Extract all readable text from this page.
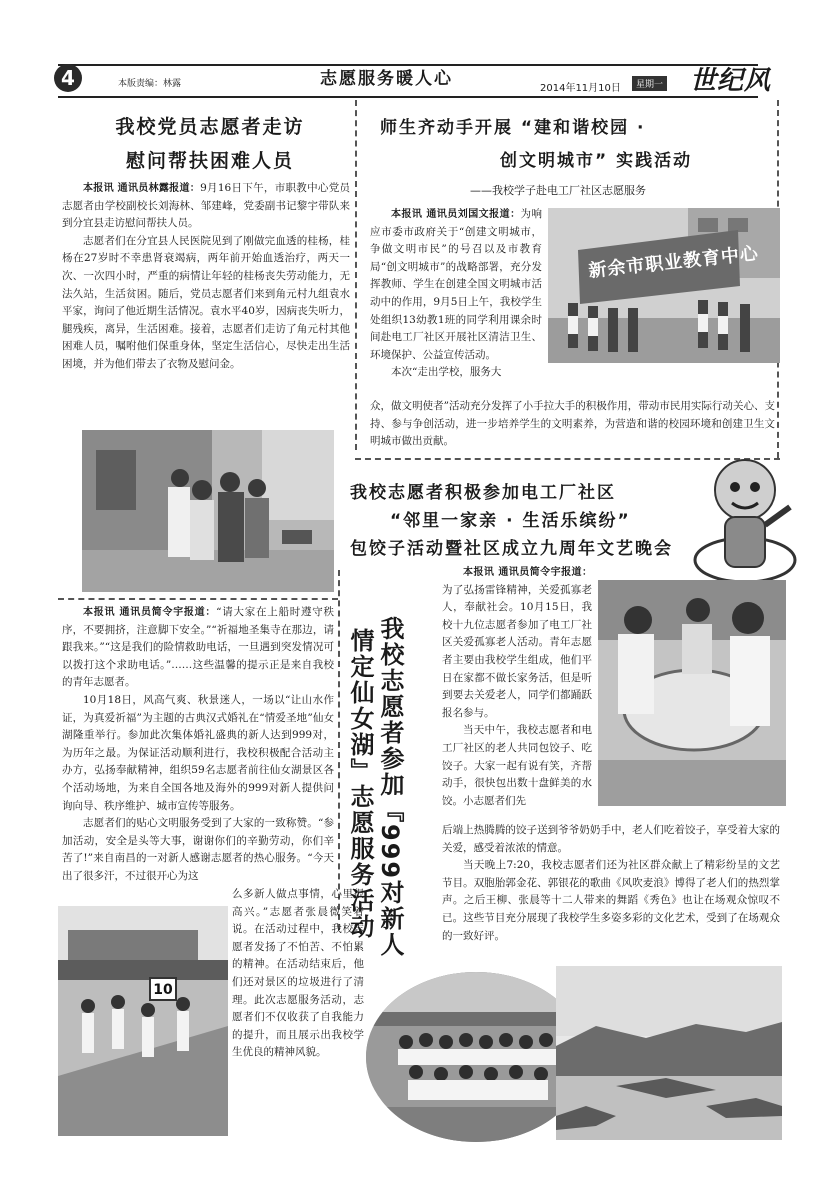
4	本版责编：林露	志愿服务暖人心	2014年11月10日	星期一 世纪风
我校党员志愿者走访
慰问帮扶困难人员

本报讯 通讯员林露报道：9月16日下午，市职教中心党员志愿者由学校副校长刘海林、邹建峰，党委副书记黎宇带队来到分宜县走访慰问帮扶人员。

志愿者们在分宜县人民医院见到了刚做完血透的桂杨，桂杨在27岁时不幸患肾衰竭病，两年前开始血透治疗，两天一次、一次四小时，严重的病情让年轻的桂杨丧失劳动能力，无法久站，生活贫困。随后，党员志愿者们来到角元村九组袁水平家，询问了他近期生活情况。袁水平40岁，因病丧失听力，腿残疾，离异，生活困难。接着，志愿者们走访了角元村其他困难人员，嘱咐他们保重身体，坚定生活信心，尽快走出生活困境，并为他们带去了衣物及慰问金。

师生齐动手开展 “建和谐校园 ·
创文明城市” 实践活动
——我校学子赴电工厂社区志愿服务

本报讯 通讯员刘国文报道：为响应市委市政府关于“创建文明城市，争做文明市民”的号召以及市教育局“创文明城市”的战略部署，充分发挥教师、学生在创建全国文明城市活动中的作用，9月5日上午，我校学生处组织13幼教1班的同学利用课余时间赴电工厂社区开展社区清洁卫生、环境保护、公益宣传活动。

本次“走出学校，服务大

众，做文明使者”活动充分发挥了小手拉大手的积极作用，带动市民用实际行动关心、支持、参与争创活动，进一步培养学生的文明素养，为营造和谐的校园环境和创建卫生文明城市做出贡献。

新余市职业教育中心
我校志愿者积极参加电工厂社区
“邻里一家亲 · 生活乐缤纷”
包饺子活动暨社区成立九周年文艺晚会

本报讯 通讯员简令宇报道：为了弘扬雷锋精神，关爱孤寡老人，奉献社会。10月15日，我校十九位志愿者参加了电工厂社区关爱孤寡老人活动。青年志愿者主要由我校学生组成，他们平日在家都不做长家务活，但是听到要去关爱老人，同学们都踊跃报名参与。

当天中午，我校志愿者和电工厂社区的老人共同包饺子、吃饺子。大家一起有说有笑，齐帮动手，很快包出数十盘鲜美的水饺。小志愿者们先

后端上热腾腾的饺子送到爷爷奶奶手中，老人们吃着饺子，享受着大家的关爱，感受着浓浓的情意。

当天晚上7:20，我校志愿者们还为社区群众献上了精彩纷呈的文艺节目。双胞胎郭金花、郭银花的歌曲《风吹麦浪》博得了老人们的热烈掌声。之后王柳、张晨等十二人带来的舞蹈《秀色》也让在场观众惊叹不已。这些节目充分展现了我校学生多姿多彩的文化艺术，受到了在场观众的一致好评。

我校志愿者参加『999对新人
情定仙女湖』志愿服务活动

本报讯 通讯员简令宇报道：“请大家在上船时遵守秩序，不要拥挤，注意脚下安全。”“祈福地圣集寺在那边，请跟我来。”“这是我们的险情救助电话，一旦遇到突发情况可以拨打这个求助电话。”……这些温馨的提示正是来自我校的青年志愿者。

10月18日，风高气爽、秋景迷人，一场以“让山水作证，为真爱祈福”为主题的古典汉式婚礼在“情爱圣地”仙女湖隆重举行。参加此次集体婚礼盛典的新人达到999对，为历年之最。为保证活动顺利进行，我校积极配合活动主办方，弘扬奉献精神，组织59名志愿者前往仙女湖景区各个活动场地，为来自全国各地及海外的999对新人提供问询向导、秩序维护、城市宣传等服务。

志愿者们的贴心文明服务受到了大家的一致称赞。“参加活动，安全是头等大事，谢谢你们的辛勤劳动，你们辛苦了!”来自南昌的一对新人感谢志愿者的热心服务。“今天出了很多汗，不过很开心为这

么多新人做点事情，心里很高兴。”志愿者张晨微笑着说。在活动过程中，我校志愿者发扬了不怕苦、不怕累的精神。在活动结束后，他们还对景区的垃圾进行了清理。此次志愿服务活动，志愿者们不仅收获了自我能力的提升，而且展示出我校学生优良的精神风貌。

10
